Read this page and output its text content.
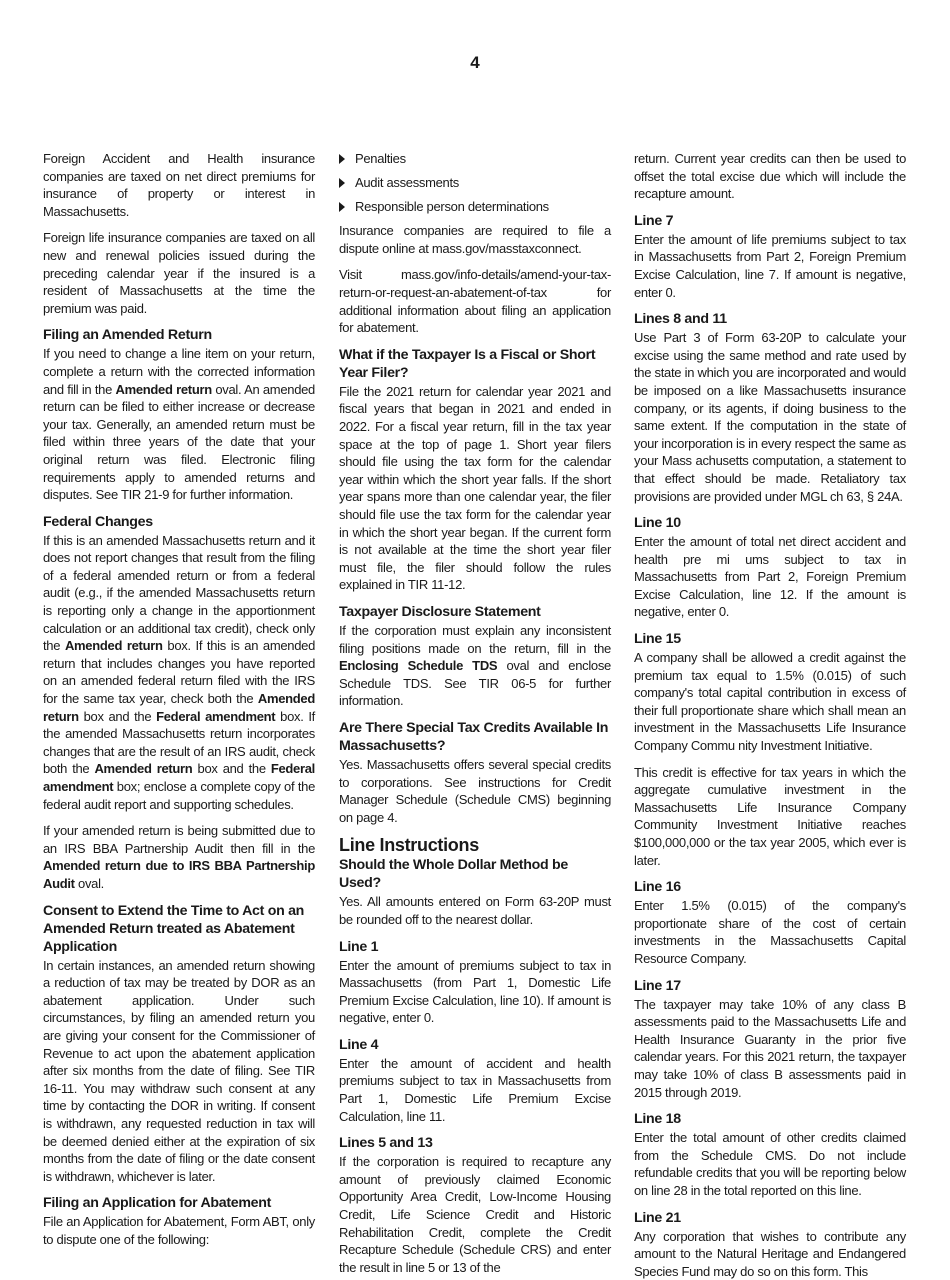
4

Foreign Accident and Health insurance companies are taxed on net direct premiums for insurance of property or interest in Massachusetts.

Foreign life insurance companies are taxed on all new and renewal policies issued during the preceding calendar year if the insured is a resident of Massachusetts at the time the premium was paid.

Filing an Amended Return

If you need to change a line item on your return, complete a return with the corrected information and fill in the Amended return oval. An amended return can be filed to either increase or decrease your tax. Generally, an amended return must be filed within three years of the date that your original return was filed. Electronic filing requirements apply to amended returns and disputes. See TIR 21-9 for further information.

Federal Changes

If this is an amended Massachusetts return and it does not report changes that result from the filing of a federal amended return or from a federal audit (e.g., if the amended Massachusetts return is reporting only a change in the apportionment calculation or an additional tax credit), check only the Amended return box. If this is an amended return that includes changes you have reported on an amended federal return filed with the IRS for the same tax year, check both the Amended return box and the Federal amendment box. If the amended Massachusetts return incorporates changes that are the result of an IRS audit, check both the Amended return box and the Federal amendment box; enclose a complete copy of the federal audit report and supporting schedules.

If your amended return is being submitted due to an IRS BBA Partnership Audit then fill in the Amended return due to IRS BBA Partnership Audit oval.

Consent to Extend the Time to Act on an Amended Return treated as Abatement Application

In certain instances, an amended return showing a reduction of tax may be treated by DOR as an abatement application. Under such circumstances, by filing an amended return you are giving your consent for the Commissioner of Revenue to act upon the abatement application after six months from the date of filing. See TIR 16-11. You may withdraw such consent at any time by contacting the DOR in writing. If consent is withdrawn, any requested reduction in tax will be deemed denied either at the expiration of six months from the date of filing or the date consent is withdrawn, whichever is later.

Filing an Application for Abatement

File an Application for Abatement, Form ABT, only to dispute one of the following:

Penalties
Audit assessments
Responsible person determinations

Insurance companies are required to file a dispute online at mass.gov/masstaxconnect.

Visit mass.gov/info-details/amend-your-tax-return-or-request-an-abatement-of-tax for additional information about filing an application for abatement.

What if the Taxpayer Is a Fiscal or Short Year Filer?

File the 2021 return for calendar year 2021 and fiscal years that began in 2021 and ended in 2022. For a fiscal year return, fill in the tax year space at the top of page 1. Short year filers should file using the tax form for the calendar year within which the short year falls. If the short year spans more than one calendar year, the filer should file use the tax form for the calendar year in which the short year began. If the current form is not available at the time the short year filer must file, the filer should follow the rules explained in TIR 11-12.

Taxpayer Disclosure Statement

If the corporation must explain any inconsistent filing positions made on the return, fill in the Enclosing Schedule TDS oval and enclose Schedule TDS. See TIR 06-5 for further information.

Are There Special Tax Credits Available In Massachusetts?

Yes. Massachusetts offers several special credits to corporations. See instructions for Credit Manager Schedule (Schedule CMS) beginning on page 4.

Line Instructions
Should the Whole Dollar Method be Used?

Yes. All amounts entered on Form 63-20P must be rounded off to the nearest dollar.

Line 1

Enter the amount of premiums subject to tax in Massachusetts (from Part 1, Domestic Life Premium Excise Calculation, line 10). If amount is negative, enter 0.

Line 4

Enter the amount of accident and health premiums subject to tax in Massachusetts from Part 1, Domestic Life Premium Excise Calculation, line 11.

Lines 5 and 13

If the corporation is required to recapture any amount of previously claimed Economic Opportunity Area Credit, Low-Income Housing Credit, Life Science Credit and Historic Rehabilitation Credit, complete the Credit Recapture Schedule (Schedule CRS) and enter the result in line 5 or 13 of the

return. Current year credits can then be used to offset the total excise due which will include the recapture amount.

Line 7

Enter the amount of life premiums subject to tax in Massachusetts from Part 2, Foreign Premium Excise Calculation, line 7. If amount is negative, enter 0.

Lines 8 and 11

Use Part 3 of Form 63-20P to calculate your excise using the same method and rate used by the state in which you are incorporated and would be imposed on a like Massachusetts insurance company, or its agents, if doing business to the same extent. If the computation in the state of your incorporation is in every respect the same as your Mass achusetts computation, a statement to that effect should be made. Retaliatory tax provisions are provided under MGL ch 63, § 24A.

Line 10

Enter the amount of total net direct accident and health pre mi ums subject to tax in Massachusetts from Part 2, Foreign Premium Excise Calculation, line 12. If the amount is negative, enter 0.

Line 15

A company shall be allowed a credit against the premium tax equal to 1.5% (0.015) of such company's total capital contribution in excess of their full proportionate share which shall mean an investment in the Massachusetts Life Insurance Company Commu nity Investment Initiative.

This credit is effective for tax years in which the aggregate cumulative investment in the Massachusetts Life Insurance Company Community Investment Initiative reaches $100,000,000 or the tax year 2005, which ever is later.

Line 16

Enter 1.5% (0.015) of the company's proportionate share of the cost of certain investments in the Massachusetts Capital Resource Company.

Line 17

The taxpayer may take 10% of any class B assessments paid to the Massachusetts Life and Health Insurance Guaranty in the prior five calendar years. For this 2021 return, the taxpayer may take 10% of class B assessments paid in 2015 through 2019.

Line 18

Enter the total amount of other credits claimed from the Schedule CMS. Do not include refundable credits that you will be reporting below on line 28 in the total reported on this line.

Line 21

Any corporation that wishes to contribute any amount to the Natural Heritage and Endangered Species Fund may do so on this form. This
